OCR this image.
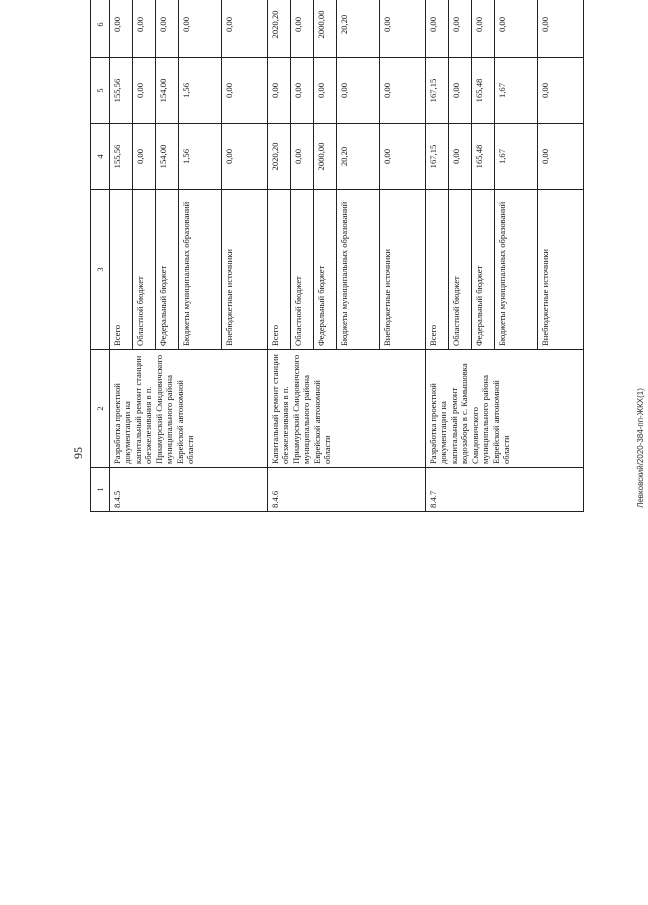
95	Левковский/2020-384-пп-ЖКХ(1)
1	2	3	4	5	6				
8.4.5	Разработка проектной документации на капитальный ремонт станции обезжелезивания в п. Приамурский Смидовичского муниципального района Еврейской автономной области	Всего	155,56	155,56	0,00				
		Областной бюджет	0,00	0,00	0,00				
		Федеральный бюджет	154,00	154,00	0,00				
		Бюджеты муниципальных образований	1,56	1,56	0,00				
		Внебюджетные источники	0,00	0,00	0,00				
8.4.6	Капитальный ремонт станции обезжелезивания в п. Приамурский Смидовичского муниципального района Еврейской автономной области	Всего	2020,20	0,00	2020,20				
		Областной бюджет	0,00	0,00	0,00				
		Федеральный бюджет	2000,00	0,00	2000,00				
		Бюджеты муниципальных образований	20,20	0,00	20,20				
		Внебюджетные источники	0,00	0,00	0,00				
8.4.7	Разработка проектной документации на капитальный ремонт водозабора в с. Камышовка Смидовичского муниципального района Еврейской автономной области	Всего	167,15	167,15	0,00				
		Областной бюджет	0,00	0,00	0,00				
		Федеральный бюджет	165,48	165,48	0,00				
		Бюджеты муниципальных образований	1,67	1,67	0,00				
		Внебюджетные источники	0,00	0,00	0,00				
